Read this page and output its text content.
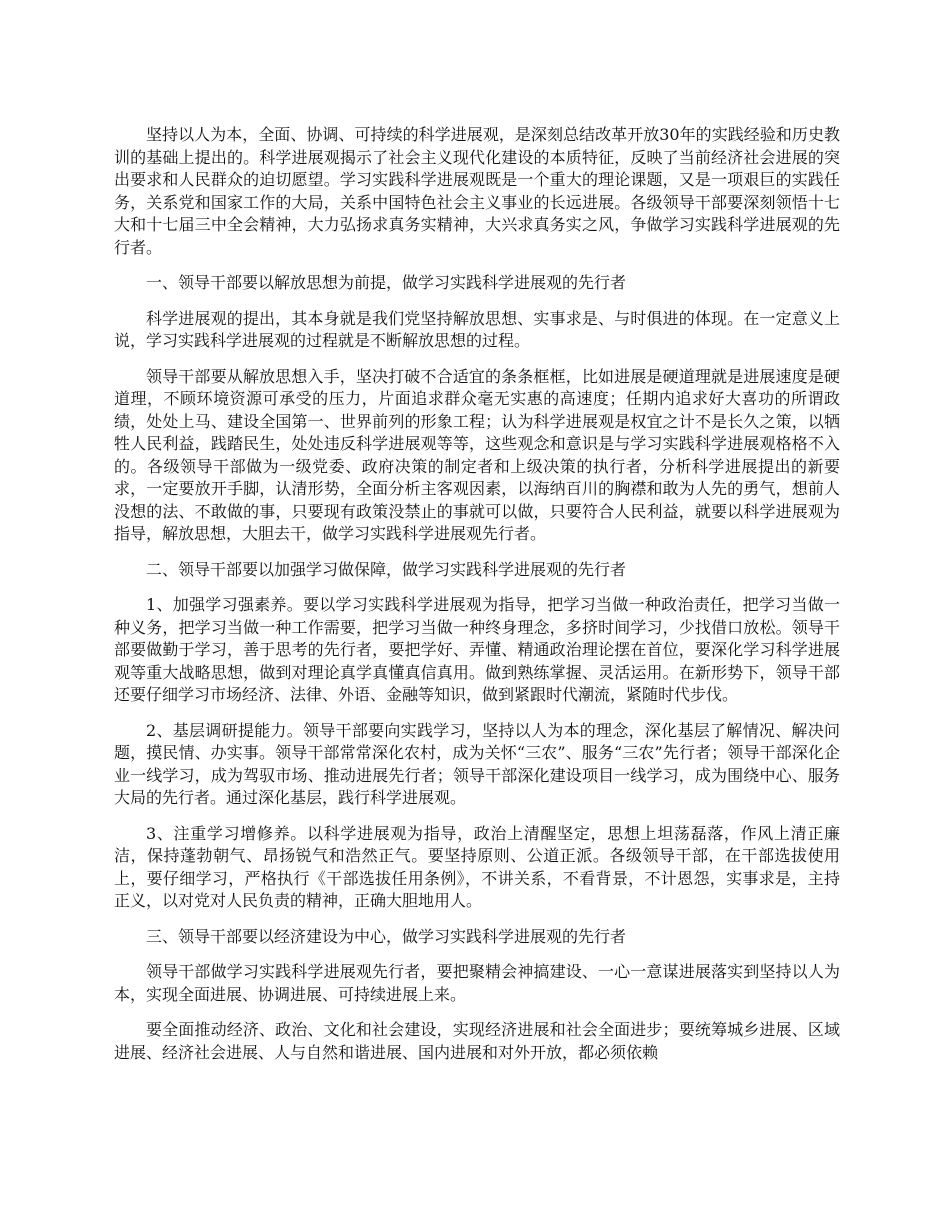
坚持以人为本，全面、协调、可持续的科学进展观，是深刻总结改革开放30年的实践经验和历史教训的基础上提出的。科学进展观揭示了社会主义现代化建设的本质特征，反映了当前经济社会进展的突出要求和人民群众的迫切愿望。学习实践科学进展观既是一个重大的理论课题，又是一项艰巨的实践任务，关系党和国家工作的大局，关系中国特色社会主义事业的长远进展。各级领导干部要深刻领悟十七大和十七届三中全会精神，大力弘扬求真务实精神，大兴求真务实之风，争做学习实践科学进展观的先行者。

一、领导干部要以解放思想为前提，做学习实践科学进展观的先行者

科学进展观的提出，其本身就是我们党坚持解放思想、实事求是、与时俱进的体现。在一定意义上说，学习实践科学进展观的过程就是不断解放思想的过程。

领导干部要从解放思想入手，坚决打破不合适宜的条条框框，比如进展是硬道理就是进展速度是硬道理，不顾环境资源可承受的压力，片面追求群众毫无实惠的高速度；任期内追求好大喜功的所谓政绩，处处上马、建设全国第一、世界前列的形象工程；认为科学进展观是权宜之计不是长久之策，以牺牲人民利益，践踏民生，处处违反科学进展观等等，这些观念和意识是与学习实践科学进展观格格不入的。各级领导干部做为一级党委、政府决策的制定者和上级决策的执行者，分析科学进展提出的新要求，一定要放开手脚，认清形势，全面分析主客观因素，以海纳百川的胸襟和敢为人先的勇气，想前人没想的法、不敢做的事，只要现有政策没禁止的事就可以做，只要符合人民利益，就要以科学进展观为指导，解放思想，大胆去干，做学习实践科学进展观先行者。

二、领导干部要以加强学习做保障，做学习实践科学进展观的先行者

1、加强学习强素养。要以学习实践科学进展观为指导，把学习当做一种政治责任，把学习当做一种义务，把学习当做一种工作需要，把学习当做一种终身理念，多挤时间学习，少找借口放松。领导干部要做勤于学习，善于思考的先行者，要把学好、弄懂、精通政治理论摆在首位，要深化学习科学进展观等重大战略思想，做到对理论真学真懂真信真用。做到熟练掌握、灵活运用。在新形势下，领导干部还要仔细学习市场经济、法律、外语、金融等知识，做到紧跟时代潮流，紧随时代步伐。

2、基层调研提能力。领导干部要向实践学习，坚持以人为本的理念，深化基层了解情况、解决问题，摸民情、办实事。领导干部常常深化农村，成为关怀“三农”、服务“三农”先行者；领导干部深化企业一线学习，成为驾驭市场、推动进展先行者；领导干部深化建设项目一线学习，成为围绕中心、服务大局的先行者。通过深化基层，践行科学进展观。

3、注重学习增修养。以科学进展观为指导，政治上清醒坚定，思想上坦荡磊落，作风上清正廉洁，保持蓬勃朝气、昂扬锐气和浩然正气。要坚持原则、公道正派。各级领导干部，在干部选拔使用上，要仔细学习，严格执行《干部选拔任用条例》，不讲关系，不看背景，不计恩怨，实事求是，主持正义，以对党对人民负责的精神，正确大胆地用人。

三、领导干部要以经济建设为中心，做学习实践科学进展观的先行者

领导干部做学习实践科学进展观先行者，要把聚精会神搞建设、一心一意谋进展落实到坚持以人为本，实现全面进展、协调进展、可持续进展上来。

要全面推动经济、政治、文化和社会建设，实现经济进展和社会全面进步；要统筹城乡进展、区域进展、经济社会进展、人与自然和谐进展、国内进展和对外开放，都必须依赖
